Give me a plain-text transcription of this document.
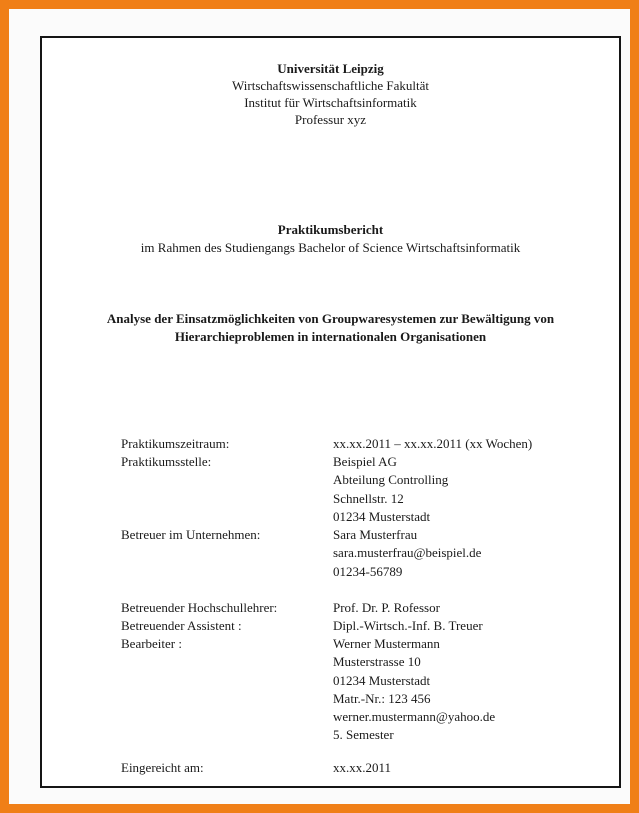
Universität Leipzig
Wirtschaftswissenschaftliche Fakultät
Institut für Wirtschaftsinformatik
Professur xyz
Praktikumsbericht
im Rahmen des Studiengangs Bachelor of Science Wirtschaftsinformatik
Analyse der Einsatzmöglichkeiten von Groupwaresystemen zur Bewältigung von
Hierarchieproblemen in internationalen Organisationen
Praktikumszeitraum:	xx.xx.2011 – xx.xx.2011 (xx Wochen)
Praktikumsstelle:	Beispiel AG
Abteilung Controlling
Schnellstr. 12
01234 Musterstadt
Betreuer im Unternehmen:	Sara Musterfrau
sara.musterfrau@beispiel.de
01234-56789
Betreuender Hochschullehrer:	Prof. Dr. P. Rofessor
Betreuender Assistent :	Dipl.-Wirtsch.-Inf. B. Treuer
Bearbeiter :	Werner Mustermann
Musterstrasse 10
01234 Musterstadt
Matr.-Nr.: 123 456
werner.mustermann@yahoo.de
5. Semester
Eingereicht am:	xx.xx.2011
